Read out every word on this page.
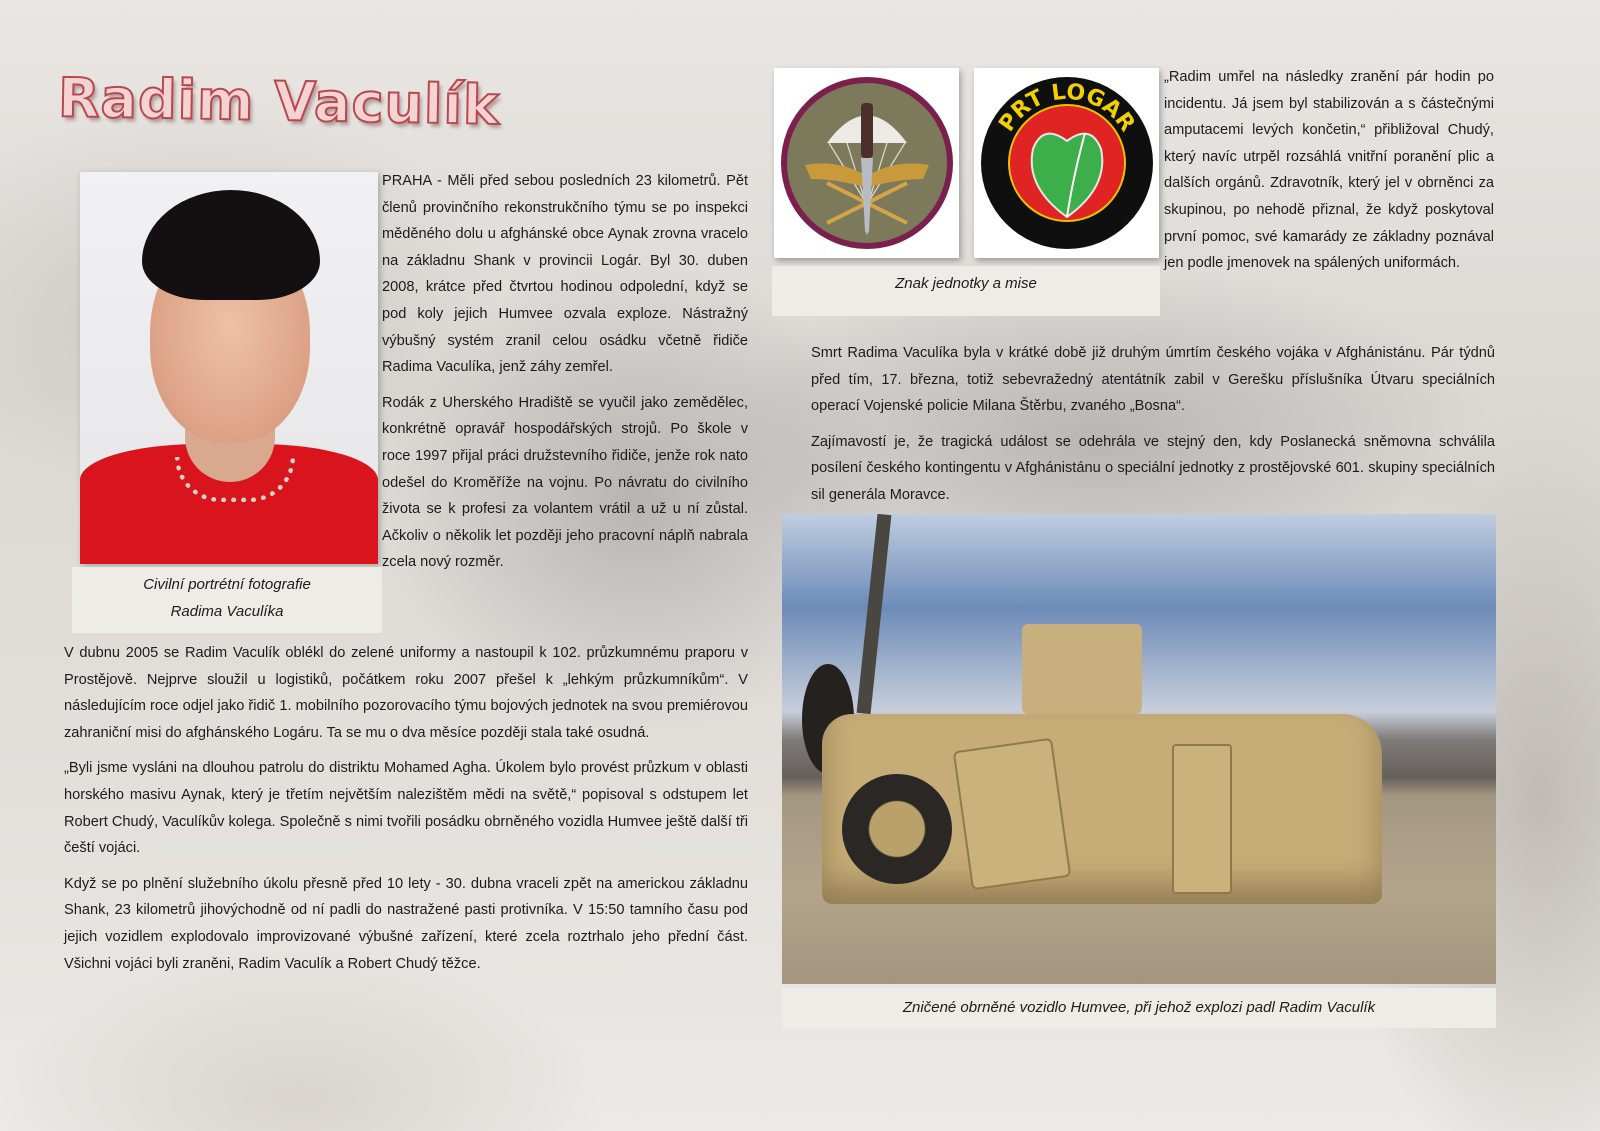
Radim Vaculík
Civilní portrétní fotografie
Radima Vaculíka

PRAHA - Měli před sebou posledních 23 kilometrů. Pět členů provinčního rekonstrukčního týmu se po inspekci měděného dolu u afghánské obce Aynak zrovna vracelo na základnu Shank v provincii Logár. Byl 30. duben 2008, krátce před čtvrtou hodinou odpolední, když se pod koly jejich Humvee ozvala exploze. Nástražný výbušný systém zranil celou osádku včetně řidiče Radima Vaculíka, jenž záhy zemřel.

Rodák z Uherského Hradiště se vyučil jako zemědělec, konkrétně opravář hospodářských strojů. Po škole v roce 1997 přijal práci družstevního řidiče, jenže rok nato odešel do Kroměříže na vojnu. Po návratu do civilního života se k profesi za volantem vrátil a už u ní zůstal. Ačkoliv o několik let později jeho pracovní náplň nabrala zcela nový rozměr.

V dubnu 2005 se Radim Vaculík oblékl do zelené uniformy a nastoupil k 102. průzkumnému praporu v Prostějově. Nejprve sloužil u logistiků, počátkem roku 2007 přešel k „lehkým průzkumníkům“. V následujícím roce odjel jako řidič 1. mobilního pozorovacího týmu bojových jednotek na svou premiérovou zahraniční misi do afghánského Logáru. Ta se mu o dva měsíce později stala také osudná.

„Byli jsme vysláni na dlouhou patrolu do distriktu Mohamed Agha. Úkolem bylo provést průzkum v oblasti horského masivu Aynak, který je třetím největším nalezištěm mědi na světě,“ popisoval s odstupem let Robert Chudý, Vaculíkův kolega. Společně s nimi tvořili posádku obrněného vozidla Humvee ještě další tři čeští vojáci.

Když se po plnění služebního úkolu přesně před 10 lety - 30. dubna vraceli zpět na americkou základnu Shank, 23 kilometrů jihovýchodně od ní padli do nastražené pasti protivníka. V 15:50 tamního času pod jejich vozidlem explodovalo improvizované výbušné zařízení, které zcela roztrhalo jeho přední část. Všichni vojáci byli zraněni, Radim Vaculík a Robert Chudý těžce.

PRT LOGAR
Znak jednotky a mise

„Radim umřel na následky zranění pár hodin po incidentu. Já jsem byl stabilizován a s částečnými amputacemi levých končetin,“ přibližoval Chudý, který navíc utrpěl rozsáhlá vnitřní poranění plic a dalších orgánů. Zdravotník, který jel v obrněnci za skupinou, po nehodě přiznal, že když poskytoval první pomoc, své kamarády ze základny poznával jen podle jmenovek na spálených uniformách.

Smrt Radima Vaculíka byla v krátké době již druhým úmrtím českého vojáka v Afghánistánu. Pár týdnů před tím, 17. března, totiž sebevražedný atentátník zabil v Gerešku příslušníka Útvaru speciálních operací Vojenské policie Milana Štěrbu, zvaného „Bosna“.

Zajímavostí je, že tragická událost se odehrála ve stejný den, kdy Poslanecká sněmovna schválila posílení českého kontingentu v Afghánistánu o speciální jednotky z prostějovské 601. skupiny speciálních sil generála Moravce.

Zničené obrněné vozidlo Humvee, při jehož explozi padl Radim Vaculík
